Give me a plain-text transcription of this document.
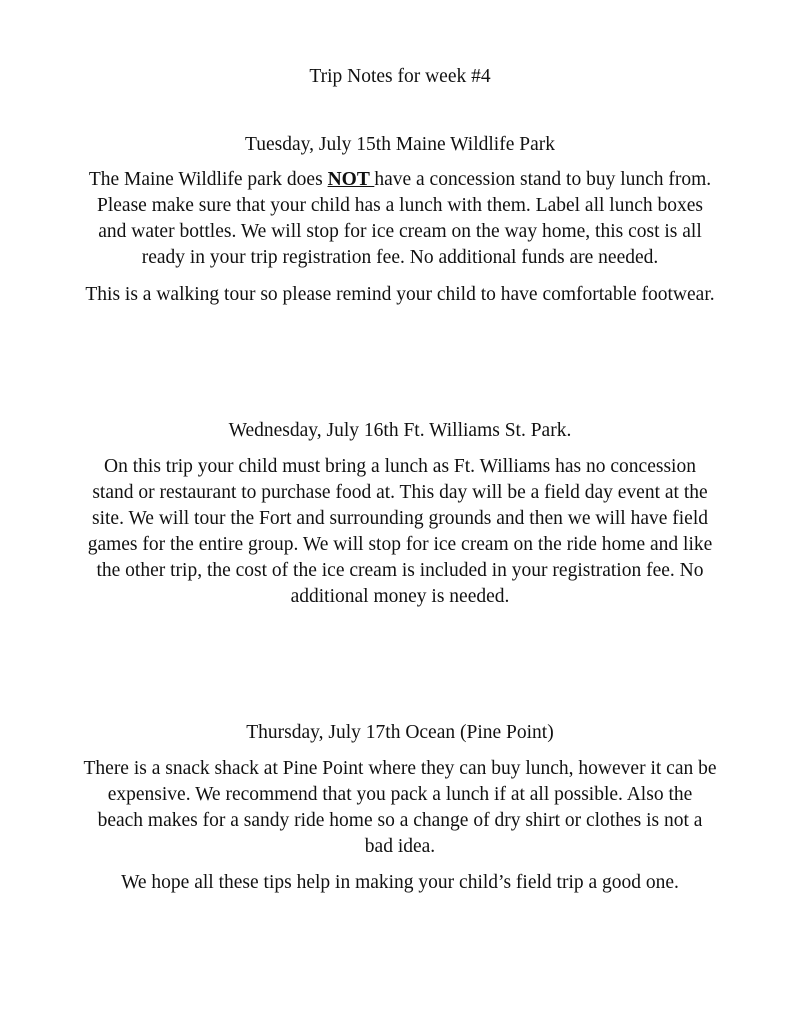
Trip Notes for week #4
Tuesday, July 15th Maine Wildlife Park
The Maine Wildlife park does NOT have a concession stand to buy lunch from.
Please make sure that your child has a lunch with them. Label all lunch boxes
and water bottles. We will stop for ice cream on the way home, this cost is all
ready in your trip registration fee. No additional funds are needed.
This is a walking tour so please remind your child to have comfortable footwear.
Wednesday, July 16th Ft. Williams St. Park.
On this trip your child must bring a lunch as Ft. Williams has no concession
stand or restaurant to purchase food at. This day will be a field day event at the
site. We will tour the Fort and surrounding grounds and then we will have field
games for the entire group. We will stop for ice cream on the ride home and like
the other trip, the cost of the ice cream is included in your registration fee. No
additional money is needed.
Thursday, July 17th Ocean (Pine Point)
There is a snack shack at Pine Point where they can buy lunch, however it can be
expensive. We recommend that you pack a lunch if at all possible. Also the
beach makes for a sandy ride home so a change of dry shirt or clothes is not a
bad idea.
We hope all these tips help in making your child’s field trip a good one.
